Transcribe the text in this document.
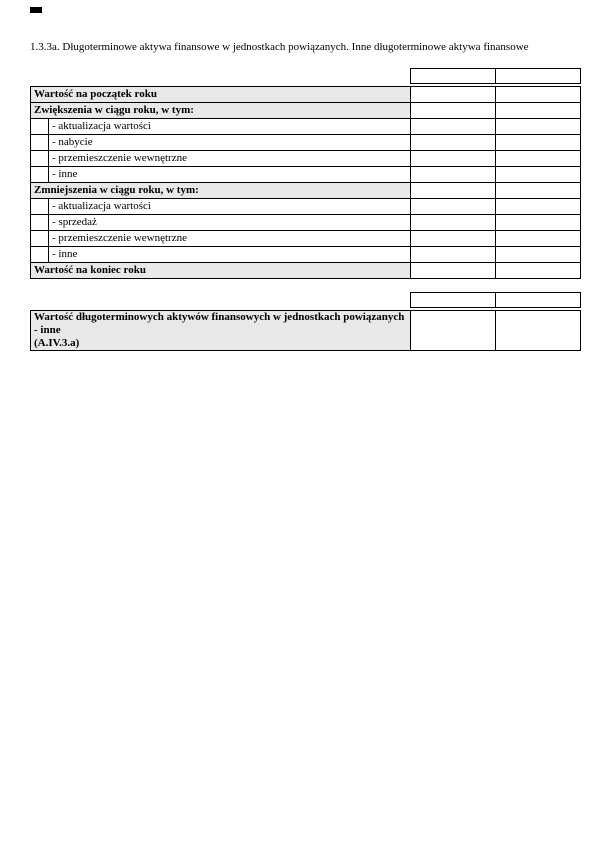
1.3.3a. Długoterminowe aktywa finansowe w jednostkach powiązanych. Inne długoterminowe aktywa finansowe

Wartość na początek roku			
Zwiększenia w ciągu roku, w tym:			
	- aktualizacja wartości		
	- nabycie		
	- przemieszczenie wewnętrzne		
	- inne		
Zmniejszenia w ciągu roku, w tym:			
	- aktualizacja wartości		
	- sprzedaż		
	- przemieszczenie wewnętrzne		
	- inne		
Wartość na koniec roku			

Wartość długoterminowych aktywów finansowych w jednostkach powiązanych - inne
(A.IV.3.a)		
